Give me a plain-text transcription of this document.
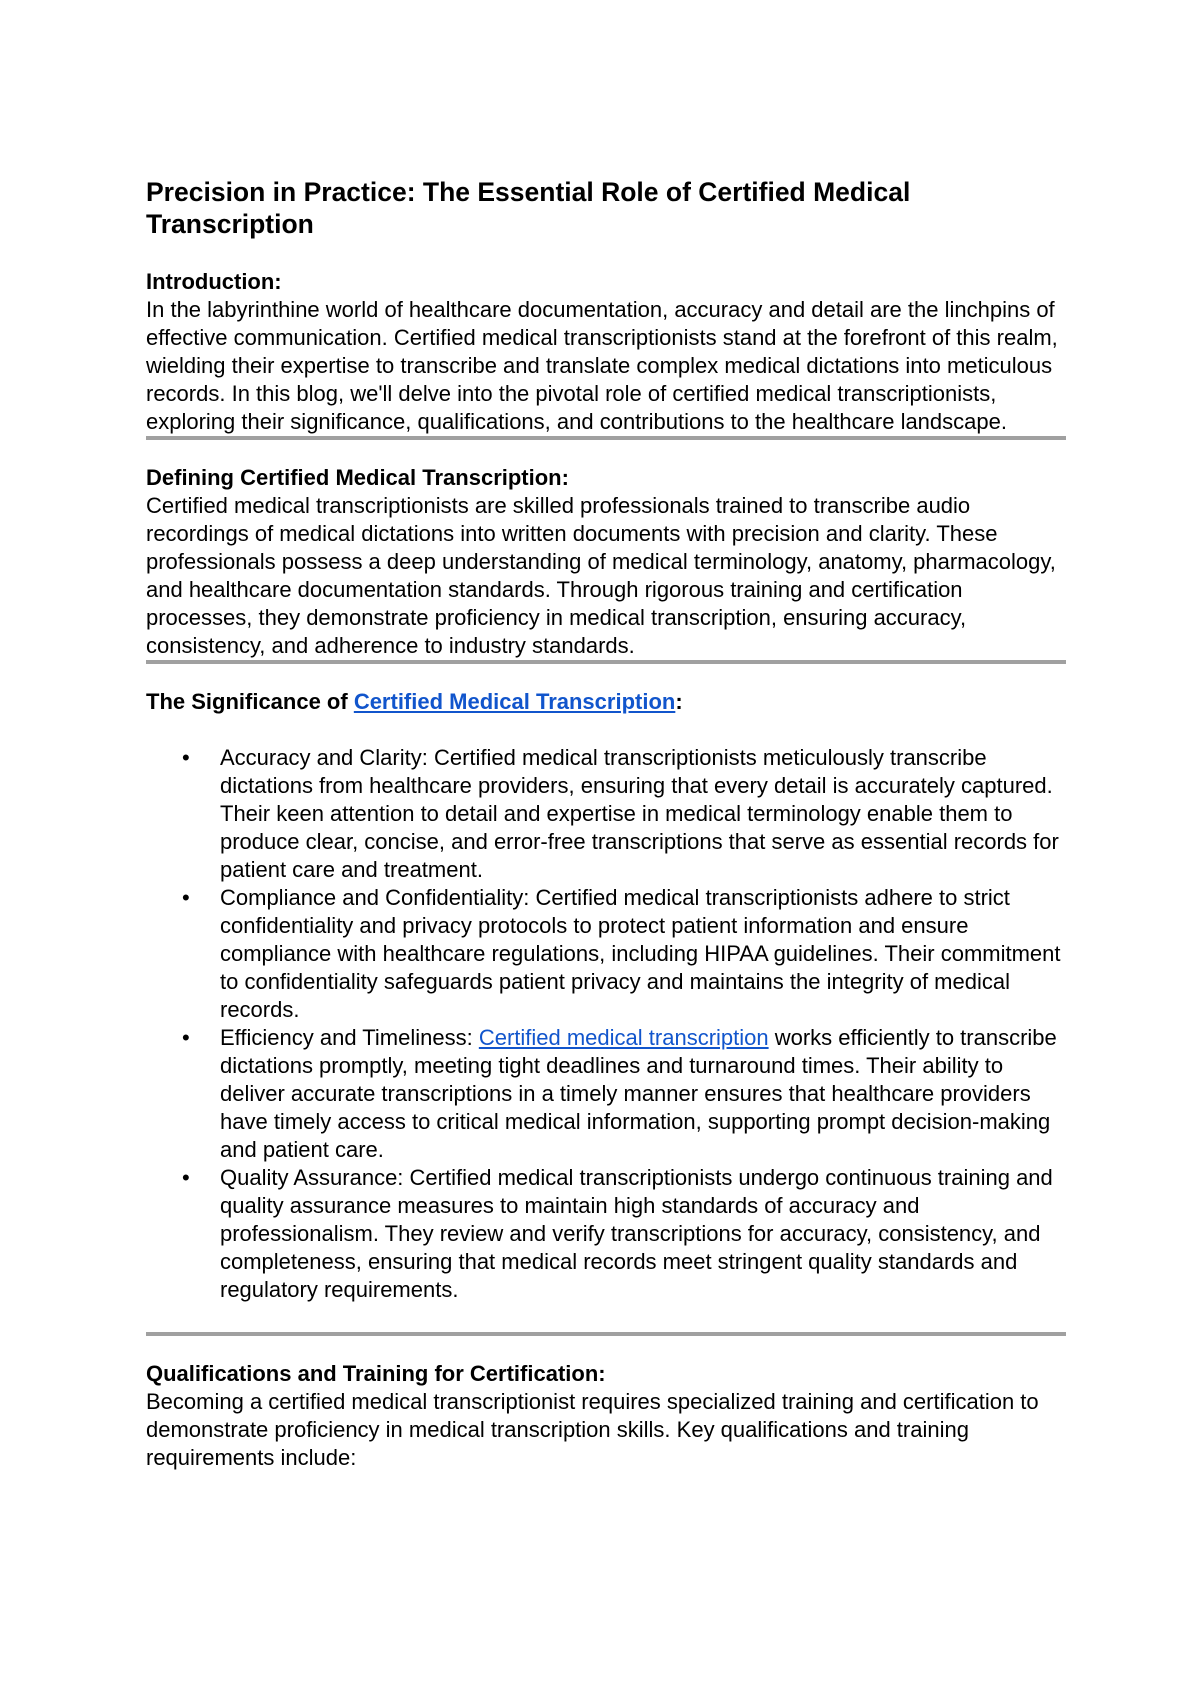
Precision in Practice: The Essential Role of Certified Medical Transcription

Introduction:

In the labyrinthine world of healthcare documentation, accuracy and detail are the linchpins of effective communication. Certified medical transcriptionists stand at the forefront of this realm, wielding their expertise to transcribe and translate complex medical dictations into meticulous records. In this blog, we'll delve into the pivotal role of certified medical transcriptionists, exploring their significance, qualifications, and contributions to the healthcare landscape.

Defining Certified Medical Transcription:

Certified medical transcriptionists are skilled professionals trained to transcribe audio recordings of medical dictations into written documents with precision and clarity. These professionals possess a deep understanding of medical terminology, anatomy, pharmacology, and healthcare documentation standards. Through rigorous training and certification processes, they demonstrate proficiency in medical transcription, ensuring accuracy, consistency, and adherence to industry standards.

The Significance of Certified Medical Transcription:

• Accuracy and Clarity: Certified medical transcriptionists meticulously transcribe dictations from healthcare providers, ensuring that every detail is accurately captured. Their keen attention to detail and expertise in medical terminology enable them to produce clear, concise, and error-free transcriptions that serve as essential records for patient care and treatment.
• Compliance and Confidentiality: Certified medical transcriptionists adhere to strict confidentiality and privacy protocols to protect patient information and ensure compliance with healthcare regulations, including HIPAA guidelines. Their commitment to confidentiality safeguards patient privacy and maintains the integrity of medical records.
• Efficiency and Timeliness: Certified medical transcription works efficiently to transcribe dictations promptly, meeting tight deadlines and turnaround times. Their ability to deliver accurate transcriptions in a timely manner ensures that healthcare providers have timely access to critical medical information, supporting prompt decision-making and patient care.
• Quality Assurance: Certified medical transcriptionists undergo continuous training and quality assurance measures to maintain high standards of accuracy and professionalism. They review and verify transcriptions for accuracy, consistency, and completeness, ensuring that medical records meet stringent quality standards and regulatory requirements.

Qualifications and Training for Certification:

Becoming a certified medical transcriptionist requires specialized training and certification to demonstrate proficiency in medical transcription skills. Key qualifications and training requirements include:
